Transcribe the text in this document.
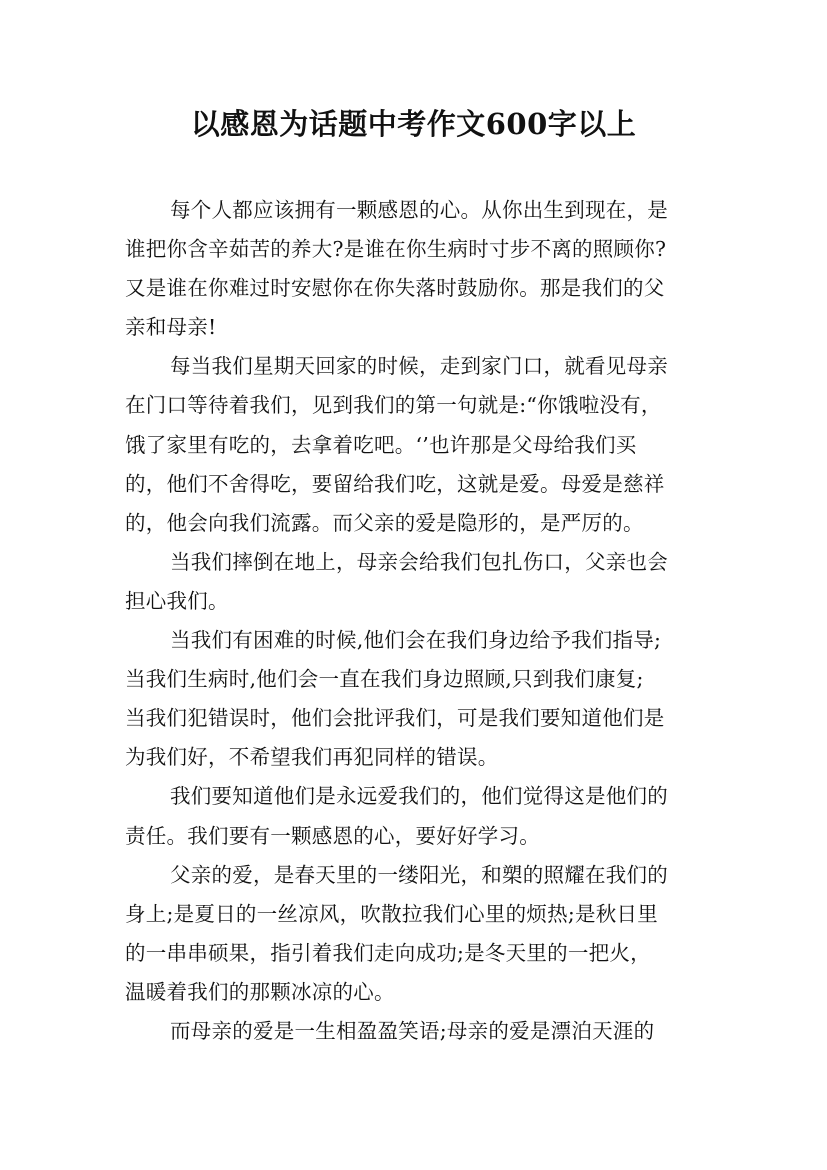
以感恩为话题中考作文600字以上
每个人都应该拥有一颗感恩的心。从你出生到现在，是
谁把你含辛茹苦的养大?是谁在你生病时寸步不离的照顾你?
又是谁在你难过时安慰你在你失落时鼓励你。那是我们的父
亲和母亲!
每当我们星期天回家的时候，走到家门口，就看见母亲
在门口等待着我们，见到我们的第一句就是:“你饿啦没有，
饿了家里有吃的，去拿着吃吧。‘’也许那是父母给我们买
的，他们不舍得吃，要留给我们吃，这就是爱。母爱是慈祥
的，他会向我们流露。而父亲的爱是隐形的，是严厉的。
当我们摔倒在地上，母亲会给我们包扎伤口，父亲也会
担心我们。
当我们有困难的时候,他们会在我们身边给予我们指导;
当我们生病时,他们会一直在我们身边照顾,只到我们康复;
当我们犯错误时，他们会批评我们，可是我们要知道他们是
为我们好，不希望我们再犯同样的错误。
我们要知道他们是永远爱我们的，他们觉得这是他们的
责任。我们要有一颗感恩的心，要好好学习。
父亲的爱，是春天里的一缕阳光，和槊的照耀在我们的
身上;是夏日的一丝凉风，吹散拉我们心里的烦热;是秋日里
的一串串硕果，指引着我们走向成功;是冬天里的一把火，
温暖着我们的那颗冰凉的心。
而母亲的爱是一生相盈盈笑语;母亲的爱是漂泊天涯的
